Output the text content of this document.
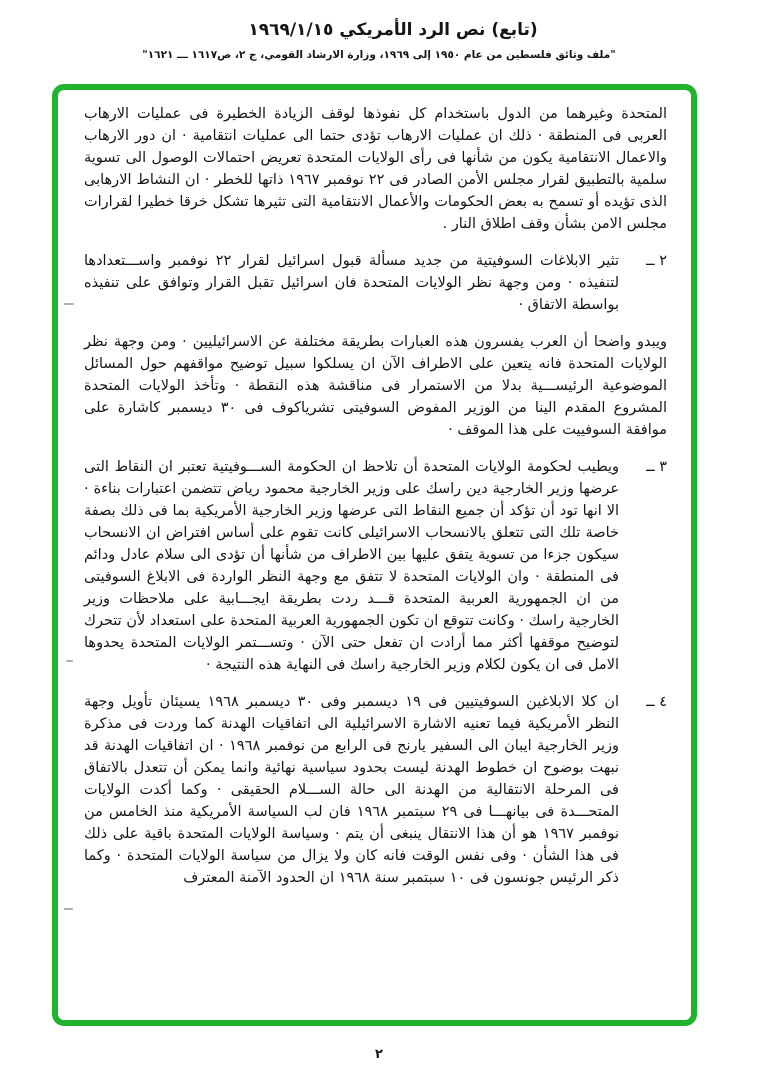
(تابع) نص الرد الأمريكي ١٩٦٩/١/١٥
"ملف وثائق فلسطين من عام ١٩٥٠ إلى ١٩٦٩، وزارة الارشاد القومي، ج ٢، ص١٦١٧ ـــ ١٦٢١"
المتحدة وغيرهما من الدول باستخدام كل نفوذها لوقف الزيادة الخطيرة فى عمليات الارهاب العربى فى المنطقة · ذلك ان عمليات الارهاب تؤدى حتما الى عمليات انتقامية · ان دور الارهاب والاعمال الانتقامية يكون من شأنها فى رأى الولايات المتحدة تعريض احتمالات الوصول الى تسوية سلمية بالتطبيق لقرار مجلس الأمن الصادر فى ٢٢ نوفمبر ١٩٦٧ ذاتها للخطر · ان النشاط الارهابى الذى تؤيده أو تسمح به بعض الحكومات والأعمال الانتقامية التى تثيرها تشكل خرقا خطيرا لقرارات مجلس الامن بشأن وقف اطلاق النار .
٢ ــ
تثير الابلاغات السوفيتية من جديد مسألة قبول اسرائيل لقرار ٢٢ نوفمبر واســـتعدادها لتنفيذه · ومن وجهة نظر الولايات المتحدة فان اسرائيل تقبل القرار وتوافق على تنفيذه بواسطة الاتفاق ·
ويبدو واضحا أن العرب يفسرون هذه العبارات بطريقة مختلفة عن الاسرائيليين · ومن وجهة نظر الولايات المتحدة فانه يتعين على الاطراف الآن ان يسلكوا سبيل توضيح مواقفهم حول المسائل الموضوعية الرئيســـية بدلا من الاستمرار فى مناقشة هذه النقطة · وتأخذ الولايات المتحدة المشروع المقدم الينا من الوزير المفوض السوفيتى تشرياكوف فى ٣٠ ديسمبر كاشارة على موافقة السوفييت على هذا الموقف ·
٣ ــ
ويطيب لحكومة الولايات المتحدة أن تلاحظ ان الحكومة الســـوفيتية تعتبر ان النقاط التى عرضها وزير الخارجية دين راسك على وزير الخارجية محمود رياض تتضمن اعتبارات بناءة · الا انها تود أن تؤكد أن جميع النقاط التى عرضها وزير الخارجية الأمريكية بما فى ذلك بصفة خاصة تلك التى تتعلق بالانسحاب الاسرائيلى كانت تقوم على أساس افتراض ان الانسحاب سيكون جزءا من تسوية يتفق عليها بين الاطراف من شأنها أن تؤدى الى سلام عادل ودائم فى المنطقة · وان الولايات المتحدة لا تتفق مع وجهة النظر الواردة فى الابلاغ السوفيتى من ان الجمهورية العربية المتحدة قـــد ردت بطريقة ايجـــابية على ملاحظات وزير الخارجية راسك · وكانت تتوقع ان تكون الجمهورية العربية المتحدة على استعداد لأن تتحرك لتوضيح موقفها أكثر مما أرادت ان تفعل حتى الآن · وتســـتمر الولايات المتحدة يحدوها الامل فى ان يكون لكلام وزير الخارجية راسك فى النهاية هذه النتيجة ·
٤ ــ
ان كلا الابلاغين السوفيتيين فى ١٩ ديسمبر وفى ٣٠ ديسمبر ١٩٦٨ يسيئان تأويل وجهة النظر الأمريكية فيما تعنيه الاشارة الاسرائيلية الى اتفاقيات الهدنة كما وردت فى مذكرة وزير الخارجية ايبان الى السفير يارنج فى الرابع من نوفمبر ١٩٦٨ · ان اتفاقيات الهدنة قد نبهت بوضوح ان خطوط الهدنة ليست بحدود سياسية نهائية وانما يمكن أن تتعدل بالاتفاق فى المرحلة الانتقالية من الهدنة الى حالة الســـلام الحقيقى · وكما أكدت الولايات المتحـــدة فى بيانهـــا فى ٢٩ سبتمبر ١٩٦٨ فان لب السياسة الأمريكية منذ الخامس من نوفمبر ١٩٦٧ هو أن هذا الانتقال ينبغى أن يتم · وسياسة الولايات المتحدة باقية على ذلك فى هذا الشأن · وفى نفس الوقت فانه كان ولا يزال من سياسة الولايات المتحدة · وكما ذكر الرئيس جونسون فى ١٠ سبتمبر سنة ١٩٦٨ ان الحدود الآمنة المعترف
٢
